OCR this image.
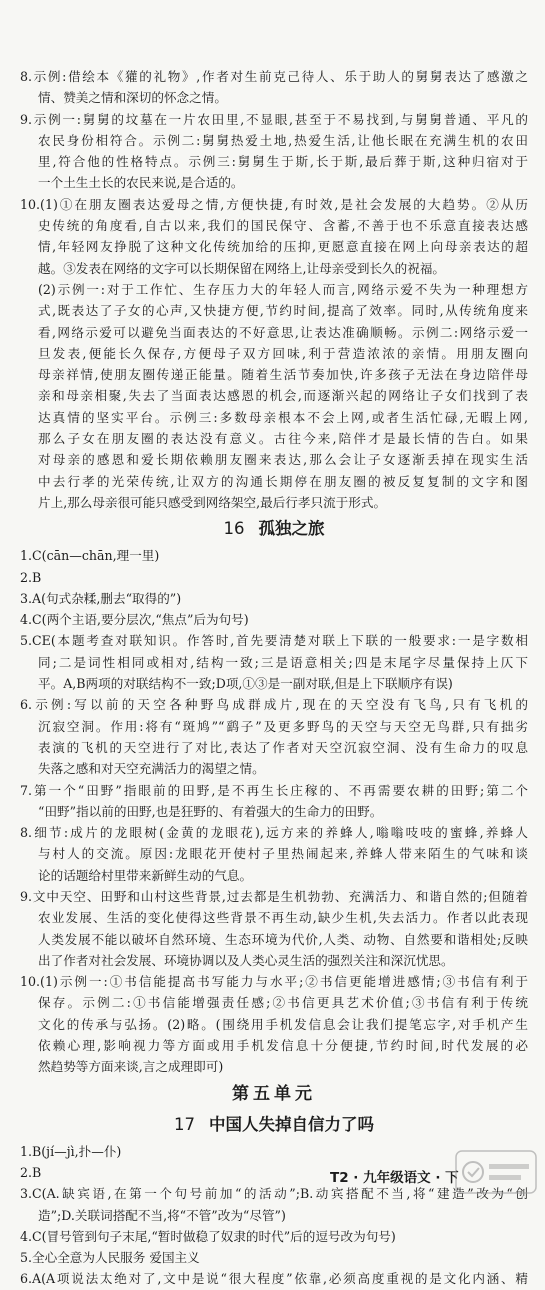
8.示例:借绘本《獾的礼物》,作者对生前克己待人、乐于助人的舅舅表达了感激之
情、赞美之情和深切的怀念之情。
9.示例一:舅舅的坟墓在一片农田里,不显眼,甚至于不易找到,与舅舅普通、平凡的
农民身份相符合。示例二:舅舅热爱土地,热爱生活,让他长眠在充满生机的农田
里,符合他的性格特点。示例三:舅舅生于斯,长于斯,最后葬于斯,这种归宿对于
一个土生土长的农民来说,是合适的。
10.(1)①在朋友圈表达爱母之情,方便快捷,有时效,是社会发展的大趋势。②从历
史传统的角度看,自古以来,我们的国民保守、含蓄,不善于也不乐意直接表达感
情,年轻网友挣脱了这种文化传统加给的压抑,更愿意直接在网上向母亲表达的超
越。③发表在网络的文字可以长期保留在网络上,让母亲受到长久的祝福。
(2)示例一:对于工作忙、生存压力大的年轻人而言,网络示爱不失为一种理想方
式,既表达了子女的心声,又快捷方便,节约时间,提高了效率。同时,从传统角度来
看,网络示爱可以避免当面表达的不好意思,让表达准确顺畅。示例二:网络示爱一
旦发表,便能长久保存,方便母子双方回味,利于营造浓浓的亲情。用朋友圈向
母亲祥情,使朋友圈传递正能量。随着生活节奏加快,许多孩子无法在身边陪伴母
亲和母亲相聚,失去了当面表达感恩的机会,而逐渐兴起的网络让子女们找到了表
达真情的坚实平台。示例三:多数母亲根本不会上网,或者生活忙碌,无暇上网,
那么子女在朋友圈的表达没有意义。古往今来,陪伴才是最长情的告白。如果
对母亲的感恩和爱长期依赖朋友圈来表达,那么会让子女逐渐丢掉在现实生活
中去行孝的光荣传统,让双方的沟通长期停在朋友圈的被反复复制的文字和图
片上,那么母亲很可能只感受到网络架空,最后行孝只流于形式。
16 孤独之旅
1.C(cān—chān,理一里)
2.B
3.A(句式杂糅,删去“取得的”)
4.C(两个主语,要分层次,“焦点”后为句号)
5.CE(本题考查对联知识。作答时,首先要清楚对联上下联的一般要求:一是字数相
同;二是词性相同或相对,结构一致;三是语意相关;四是末尾字尽量保持上仄下
平。A,B两项的对联结构不一致;D项,①③是一副对联,但是上下联顺序有误)
6.示例:写以前的天空各种野鸟成群成片,现在的天空没有飞鸟,只有飞机的
沉寂空洞。作用:将有“斑鸠”“鹞子”及更多野鸟的天空与天空无鸟群,只有拙劣
表演的飞机的天空进行了对比,表达了作者对天空沉寂空洞、没有生命力的叹息
失落之感和对天空充满活力的渴望之情。
7.第一个“田野”指眼前的田野,是不再生长庄稼的、不再需要农耕的田野;第二个
“田野”指以前的田野,也是狂野的、有着强大的生命力的田野。
8.细节:成片的龙眼树(金黄的龙眼花),远方来的养蜂人,嗡嗡吱吱的蜜蜂,养蜂人
与村人的交流。原因:龙眼花开使村子里热闹起来,养蜂人带来陌生的气味和谈
论的话题给村里带来新鲜生动的气息。
9.文中天空、田野和山村这些背景,过去都是生机勃勃、充满活力、和谐自然的;但随着
农业发展、生活的变化使得这些背景不再生动,缺少生机,失去活力。作者以此表现
人类发展不能以破坏自然环境、生态环境为代价,人类、动物、自然要和谐相处;反映
出了作者对社会发展、环境协调以及人类心灵生活的强烈关注和深沉忧思。
10.(1)示例一:①书信能提高书写能力与水平;②书信更能增进感情;③书信有利于
保存。示例二:①书信能增强责任感;②书信更具艺术价值;③书信有利于传统
文化的传承与弘扬。(2)略。(围绕用手机发信息会让我们提笔忘字,对手机产生
依赖心理,影响视力等方面或用手机发信息十分便捷,节约时间,时代发展的必
然趋势等方面来谈,言之成理即可)
第五单元
17 中国人失掉自信力了吗
1.B(jí—jì,扑—仆)
2.B
3.C(A.缺宾语,在第一个句号前加“的活动”;B.动宾搭配不当,将“建造”改为“创
造”;D.关联词搭配不当,将“不管”改为“尽管”)
4.C(冒号管到句子末尾,“暂时做稳了奴隶的时代”后的逗号改为句号)
5.全心全意为人民服务 爱国主义
6.A(A项说法太绝对了,文中是说“很大程度”依靠,必须高度重视的是文化内涵、精
T2 · 九年级语文 · 下
